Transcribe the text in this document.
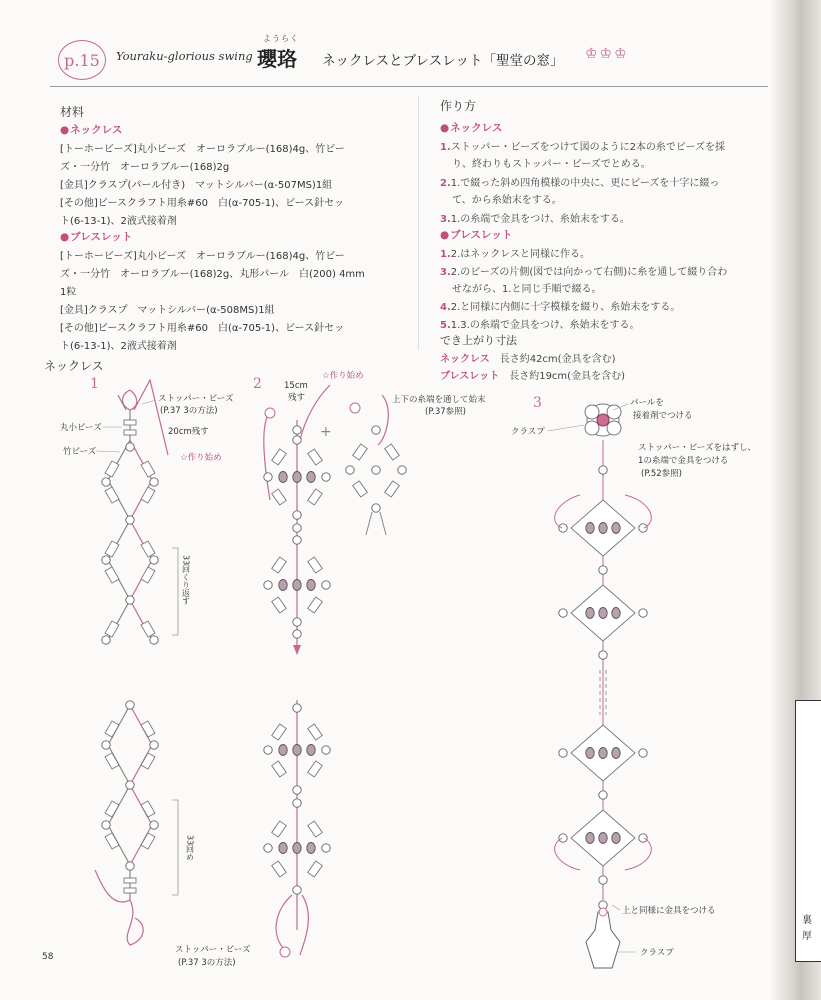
裏
厚
p.15	Youraku-glorious swing
ようらく
瓔珞 ネックレスとブレスレット「聖堂の窓」 ♔♔♔
材料
● ネックレス
[トーホービーズ]丸小ビーズ　オーロラブルー(168)4g、竹ビー
ズ・一分竹　オーロラブルー(168)2g
[金具]クラスプ(パール付き)　マットシルバー(α-507MS)1組
[その他]ビースクラフト用糸#60　白(α-705-1)、ビース針セッ
ト(6-13-1)、2液式接着剤
● ブレスレット
[トーホービーズ]丸小ビーズ　オーロラブルー(168)4g、竹ビー
ズ・一分竹　オーロラブルー(168)2g、丸形パール　白(200) 4mm
1粒
[金具]クラスプ　マットシルバー(α-508MS)1組
[その他]ビースクラフト用糸#60　白(α-705-1)、ビース針セッ
ト(6-13-1)、2液式接着剤
作り方
● ネックレス
1.ストッパー・ビーズをつけて図のように2本の糸でビーズを採
り、終わりもストッパー・ビーズでとめる。
2.1.で綴った斜め四角模様の中央に、更にビーズを十字に綴っ
て、から糸始末をする。
3.1.の糸端で金具をつけ、糸始末をする。
● ブレスレット
1.2.はネックレスと同様に作る。
3.2.のビーズの片側(図では向かって右側)に糸を通して綴り合わ
せながら、1.と同じ手順で綴る。
4.2.と同様に内側に十字模様を綴り、糸始末をする。
5.1.3.の糸端で金具をつけ、糸始末をする。
でき上がり寸法
ネックレス　 長さ約42cm(金具を含む)
ブレスレット　 長さ約19cm(金具を含む)
ネックレス
1	2
3
ストッパー・ビーズ
(P.37 3の方法)
丸小ビーズ	20cm残す
竹ビーズ
☆作り始め
33回くり返す
33回め
ストッパー・ビーズ
(P.37 3の方法)
15cm
残す
☆作り始め
+
上下の糸端を通して始末
(P.37参照)
パールを
接着剤でつける
クラスプ
ストッパー・ビーズをはずし、
1の糸端で金具をつける
(P.52参照)
上と同様に金具をつける
クラスプ
58
